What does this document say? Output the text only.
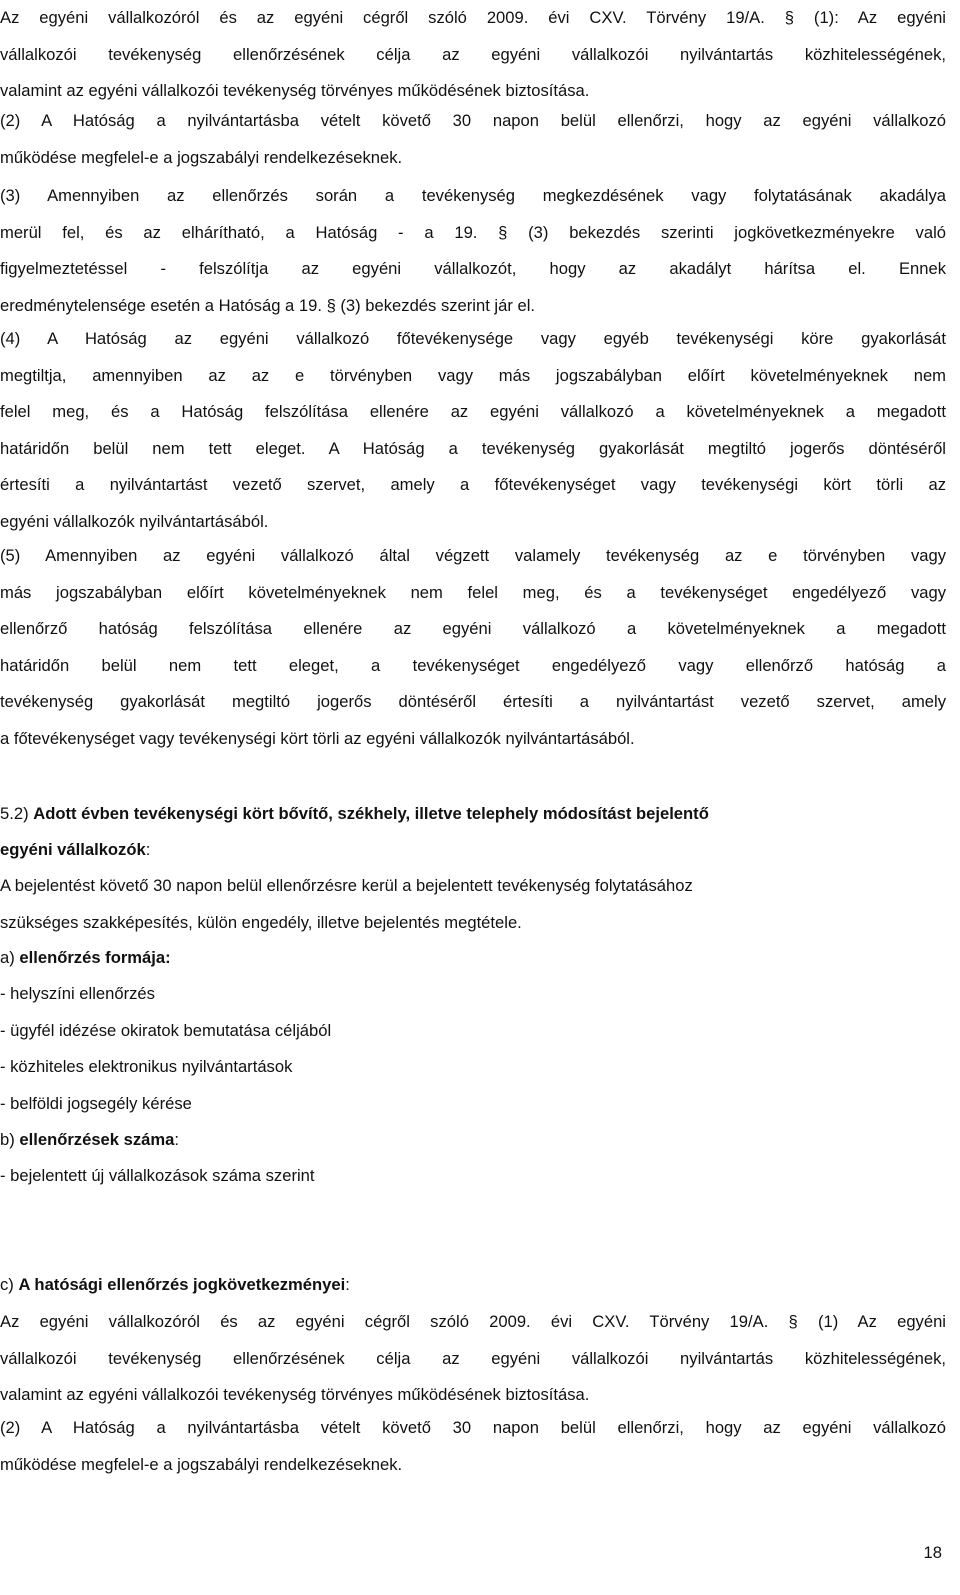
Az egyéni vállalkozóról és az egyéni cégről szóló 2009. évi CXV. Törvény 19/A. § (1): Az egyéni
vállalkozói tevékenység ellenőrzésének célja az egyéni vállalkozói nyilvántartás közhitelességének,
valamint az egyéni vállalkozói tevékenység törvényes működésének biztosítása.
(2) A Hatóság a nyilvántartásba vételt követő 30 napon belül ellenőrzi, hogy az egyéni vállalkozó
működése megfelel-e a jogszabályi rendelkezéseknek.
(3) Amennyiben az ellenőrzés során a tevékenység megkezdésének vagy folytatásának akadálya
merül fel, és az elhárítható, a Hatóság - a 19. § (3) bekezdés szerinti jogkövetkezményekre való
figyelmeztetéssel - felszólítja az egyéni vállalkozót, hogy az akadályt hárítsa el. Ennek
eredménytelensége esetén a Hatóság a 19. § (3) bekezdés szerint jár el.
(4) A Hatóság az egyéni vállalkozó főtevékenysége vagy egyéb tevékenységi köre gyakorlását
megtiltja, amennyiben az az e törvényben vagy más jogszabályban előírt követelményeknek nem
felel meg, és a Hatóság felszólítása ellenére az egyéni vállalkozó a követelményeknek a megadott
határidőn belül nem tett eleget. A Hatóság a tevékenység gyakorlását megtiltó jogerős döntéséről
értesíti a nyilvántartást vezető szervet, amely a főtevékenységet vagy tevékenységi kört törli az
egyéni vállalkozók nyilvántartásából.
(5) Amennyiben az egyéni vállalkozó által végzett valamely tevékenység az e törvényben vagy
más jogszabályban előírt követelményeknek nem felel meg, és a tevékenységet engedélyező vagy
ellenőrző hatóság felszólítása ellenére az egyéni vállalkozó a követelményeknek a megadott
határidőn belül nem tett eleget, a tevékenységet engedélyező vagy ellenőrző hatóság a
tevékenység gyakorlását megtiltó jogerős döntéséről értesíti a nyilvántartást vezető szervet, amely
a főtevékenységet vagy tevékenységi kört törli az egyéni vállalkozók nyilvántartásából.
5.2) Adott évben tevékenységi kört bővítő, székhely, illetve telephely módosítást bejelentő
egyéni vállalkozók:
A bejelentést követő 30 napon belül ellenőrzésre kerül a bejelentett tevékenység folytatásához
szükséges szakképesítés, külön engedély, illetve bejelentés megtétele.
a) ellenőrzés formája:
- helyszíni ellenőrzés
- ügyfél idézése okiratok bemutatása céljából
- közhiteles elektronikus nyilvántartások
- belföldi jogsegély kérése
b) ellenőrzések száma:
- bejelentett új vállalkozások száma szerint
c) A hatósági ellenőrzés jogkövetkezményei:
Az egyéni vállalkozóról és az egyéni cégről szóló 2009. évi CXV. Törvény 19/A. § (1) Az egyéni
vállalkozói tevékenység ellenőrzésének célja az egyéni vállalkozói nyilvántartás közhitelességének,
valamint az egyéni vállalkozói tevékenység törvényes működésének biztosítása.
(2) A Hatóság a nyilvántartásba vételt követő 30 napon belül ellenőrzi, hogy az egyéni vállalkozó
működése megfelel-e a jogszabályi rendelkezéseknek.
18
